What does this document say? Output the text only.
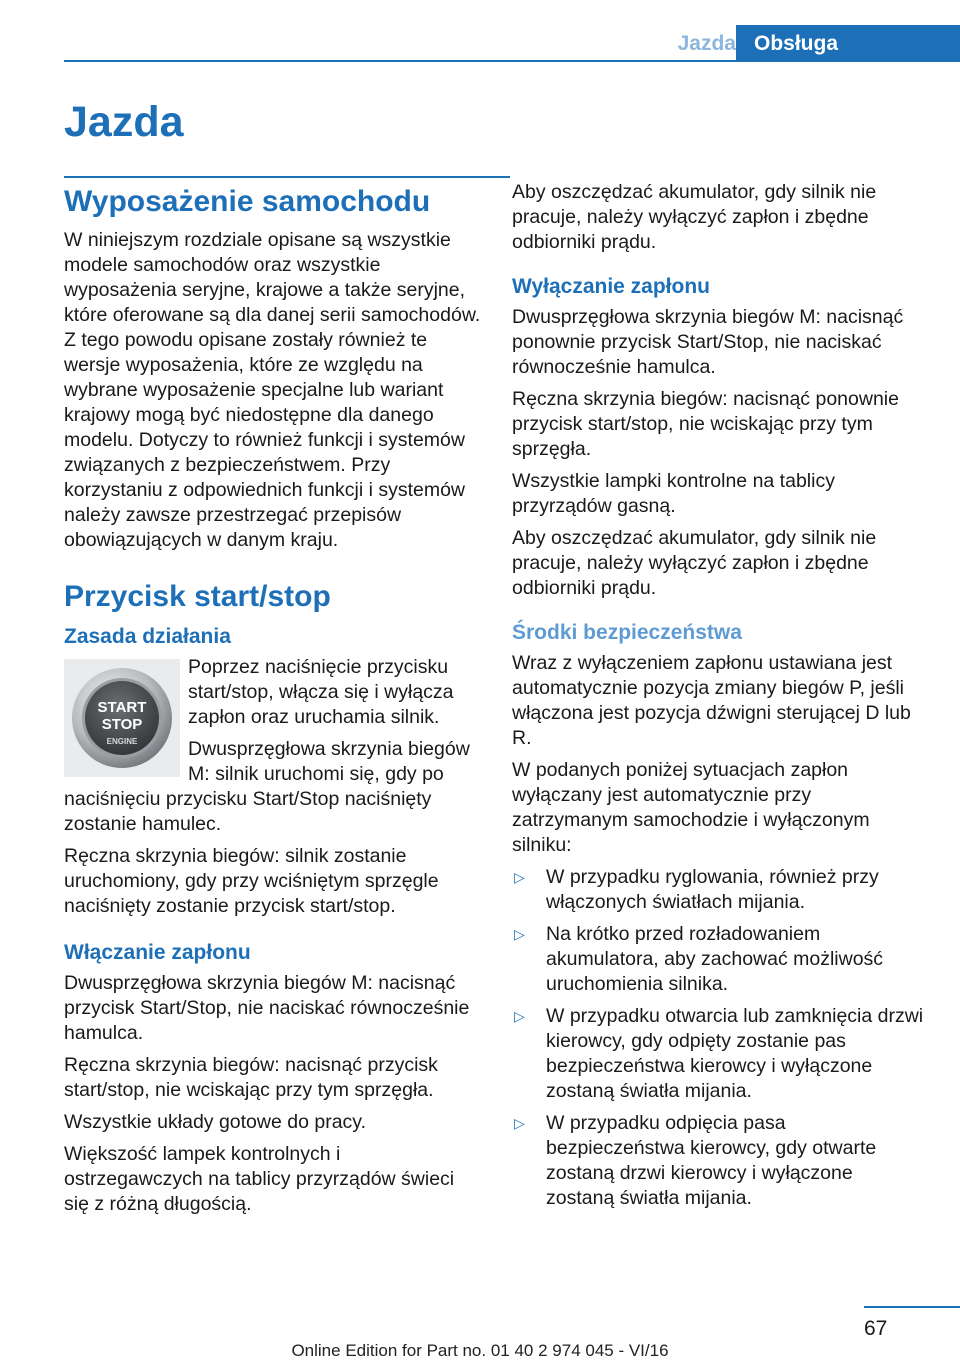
Jazda Obsługa
Jazda
Wyposażenie samochodu

W niniejszym rozdziale opisane są wszystkie modele samochodów oraz wszystkie wyposażenia seryjne, krajowe a także seryjne, które oferowane są dla danej serii samochodów. Z tego powodu opisane zostały również te wersje wyposażenia, które ze względu na wybrane wyposażenie specjalne lub wariant krajowy mogą być niedostępne dla danego modelu. Dotyczy to również funkcji i systemów związanych z bezpieczeństwem. Przy korzystaniu z odpowiednich funkcji i systemów należy zawsze przestrzegać przepisów obowiązujących w danym kraju.

Przycisk start/stop
Zasada działania
START
STOP
ENGINE

Poprzez naciśnięcie przycisku start/stop, włącza się i wyłącza zapłon oraz uruchamia silnik.

Dwusprzęgłowa skrzynia biegów M: silnik uruchomi się, gdy po naciśnięciu przycisku Start/Stop naciśnięty zostanie hamulec.

Ręczna skrzynia biegów: silnik zostanie uruchomiony, gdy przy wciśniętym sprzęgle naciśnięty zostanie przycisk start/stop.

Włączanie zapłonu

Dwusprzęgłowa skrzynia biegów M: nacisnąć przycisk Start/Stop, nie naciskać równocześnie hamulca.

Ręczna skrzynia biegów: nacisnąć przycisk start/stop, nie wciskając przy tym sprzęgła.

Wszystkie układy gotowe do pracy.

Większość lampek kontrolnych i ostrzegawczych na tablicy przyrządów świeci się z różną długością.

Aby oszczędzać akumulator, gdy silnik nie pracuje, należy wyłączyć zapłon i zbędne odbiorniki prądu.

Wyłączanie zapłonu

Dwusprzęgłowa skrzynia biegów M: nacisnąć ponownie przycisk Start/Stop, nie naciskać równocześnie hamulca.

Ręczna skrzynia biegów: nacisnąć ponownie przycisk start/stop, nie wciskając przy tym sprzęgła.

Wszystkie lampki kontrolne na tablicy przyrządów gasną.

Aby oszczędzać akumulator, gdy silnik nie pracuje, należy wyłączyć zapłon i zbędne odbiorniki prądu.

Środki bezpieczeństwa

Wraz z wyłączeniem zapłonu ustawiana jest automatycznie pozycja zmiany biegów P, jeśli włączona jest pozycja dźwigni sterującej D lub R.

W podanych poniżej sytuacjach zapłon wyłączany jest automatycznie przy zatrzymanym samochodzie i wyłączonym silniku:

▷	W przypadku ryglowania, również przy włączonych światłach mijania.
▷	Na krótko przed rozładowaniem akumulatora, aby zachować możliwość uruchomienia silnika.
▷	W przypadku otwarcia lub zamknięcia drzwi kierowcy, gdy odpięty zostanie pas bezpieczeństwa kierowcy i wyłączone zostaną światła mijania.
▷	W przypadku odpięcia pasa bezpieczeństwa kierowcy, gdy otwarte zostaną drzwi kierowcy i wyłączone zostaną światła mijania.
67
Online Edition for Part no. 01 40 2 974 045 - VI/16
